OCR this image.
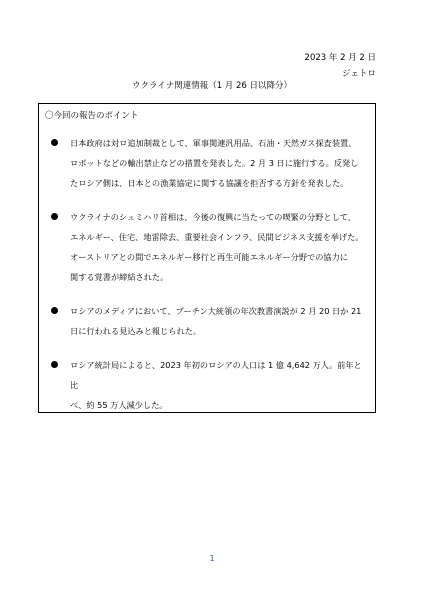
2023 年 2 月 2 日
ジェトロ
ウクライナ関連情報（1 月 26 日以降分）
〇今回の報告のポイント
日本政府は対ロ追加制裁として、軍事関連汎用品、石油・天然ガス探査装置、
ロボットなどの輸出禁止などの措置を発表した。2 月 3 日に施行する。反発し
たロシア側は、日本との漁業協定に関する協議を拒否する方針を発表した。
ウクライナのシュミハリ首相は、今後の復興に当たっての喫緊の分野として、
エネルギー、住宅、地雷除去、重要社会インフラ、民間ビジネス支援を挙げた。
オーストリアとの間でエネルギー移行と再生可能エネルギー分野での協力に
関する覚書が締結された。
ロシアのメディアにおいて、プーチン大統領の年次教書演説が 2 月 20 日か 21
日に行われる見込みと報じられた。
ロシア統計局によると、2023 年初のロシアの人口は 1 億 4,642 万人。前年と比
べ、約 55 万人減少した。
1
